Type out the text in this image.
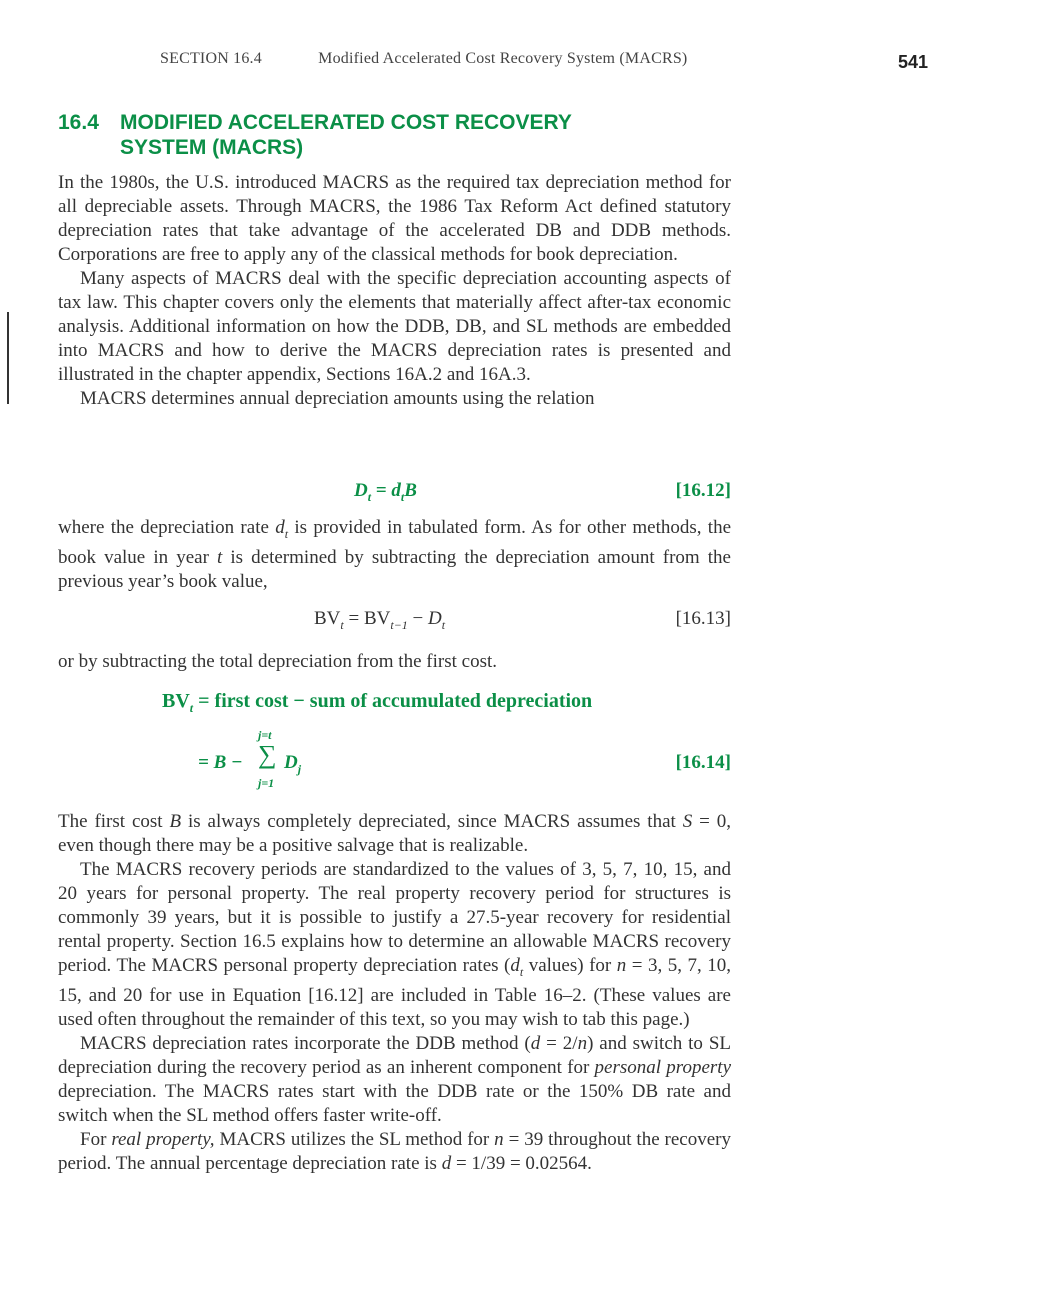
SECTION 16.4	Modified Accelerated Cost Recovery System (MACRS)	541
16.4 MODIFIED ACCELERATED COST RECOVERY

SYSTEM (MACRS)

In the 1980s, the U.S. introduced MACRS as the required tax depreciation method for all depreciable assets. Through MACRS, the 1986 Tax Reform Act defined statutory depreciation rates that take advantage of the accelerated DB and DDB methods. Corporations are free to apply any of the classical methods for book depreciation.

Many aspects of MACRS deal with the specific depreciation accounting aspects of tax law. This chapter covers only the elements that materially affect after-tax economic analysis. Additional information on how the DDB, DB, and SL methods are embedded into MACRS and how to derive the MACRS depreciation rates is presented and illustrated in the chapter appendix, Sections 16A.2 and 16A.3.

MACRS determines annual depreciation amounts using the relation

$D_t = d_tB$	[16.12]

where the depreciation rate $d_t$ is provided in tabulated form. As for other methods, the book value in year t is determined by subtracting the depreciation amount from the previous year’s book value,

$BV_t = BV_{t-1} - D_t$	[16.13]

or by subtracting the total depreciation from the first cost.

$BV_t$ = first cost − sum of accumulated depreciation
= B −
j=t
∑
j=1
$D_j$	[16.14]

The first cost B is always completely depreciated, since MACRS assumes that S = 0, even though there may be a positive salvage that is realizable.

The MACRS recovery periods are standardized to the values of 3, 5, 7, 10, 15, and 20 years for personal property. The real property recovery period for structures is commonly 39 years, but it is possible to justify a 27.5-year recovery for residential rental property. Section 16.5 explains how to determine an allowable MACRS recovery period. The MACRS personal property depreciation rates ($d_t$ values) for n = 3, 5, 7, 10, 15, and 20 for use in Equation [16.12] are included in Table 16–2. (These values are used often throughout the remainder of this text, so you may wish to tab this page.)

MACRS depreciation rates incorporate the DDB method (d = 2/n) and switch to SL depreciation during the recovery period as an inherent component for personal property depreciation. The MACRS rates start with the DDB rate or the 150% DB rate and switch when the SL method offers faster write-off.

For real property, MACRS utilizes the SL method for n = 39 throughout the recovery period. The annual percentage depreciation rate is d = 1/39 = 0.02564.
